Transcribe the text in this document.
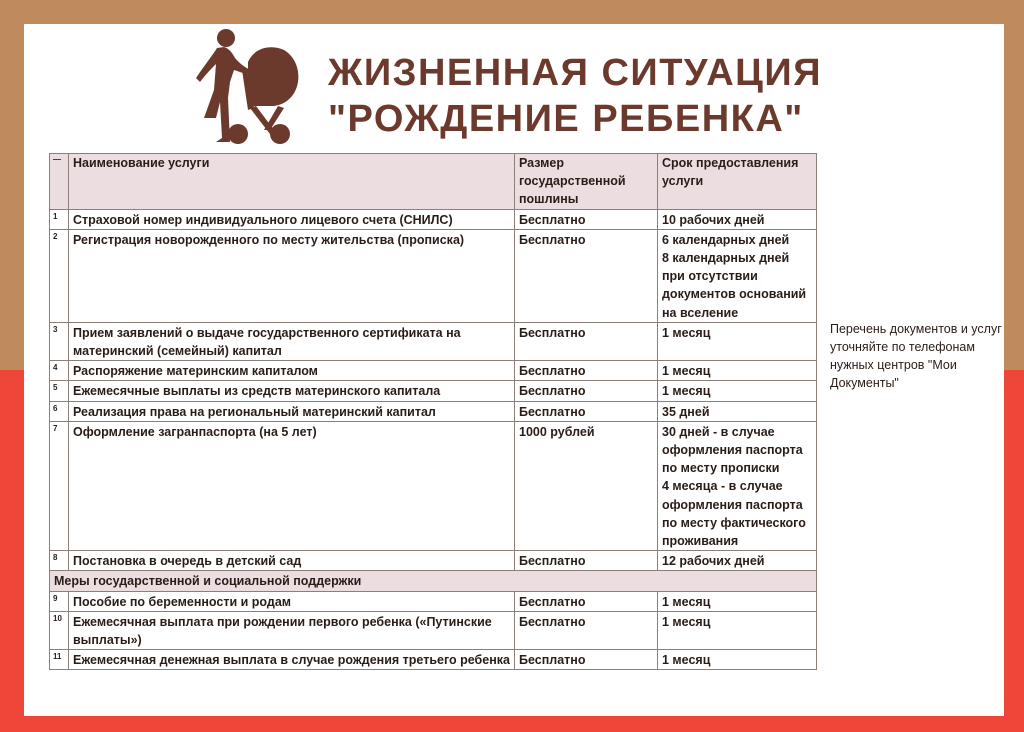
ЖИЗНЕННАЯ СИТУАЦИЯ
"РОЖДЕНИЕ РЕБЕНКА"
—	Наименование услуги	Размер государственной пошлины	Срок предоставления услуги
1	Страховой номер индивидуального лицевого счета (СНИЛС)	Бесплатно	10 рабочих дней
2	Регистрация новорожденного по месту жительства (прописка)	Бесплатно	6 календарных дней
8 календарных дней при отсутствии документов оснований на вселение
3	Прием заявлений о выдаче государственного сертификата на материнский (семейный) капитал	Бесплатно	1 месяц
4	Распоряжение материнским капиталом	Бесплатно	1 месяц
5	Ежемесячные выплаты из средств материнского капитала	Бесплатно	1 месяц
6	Реализация права на региональный материнский капитал	Бесплатно	35 дней
7	Оформление загранпаспорта (на 5 лет)	1000 рублей	30 дней - в случае оформления паспорта по месту прописки
4 месяца - в случае оформления паспорта по месту фактического проживания
8	Постановка в очередь в детский сад	Бесплатно	12 рабочих дней
Меры государственной и социальной поддержки			
9	Пособие по беременности и родам	Бесплатно	1 месяц
10	Ежемесячная выплата при рождении первого ребенка («Путинские выплаты»)	Бесплатно	1 месяц
11	Ежемесячная денежная выплата в случае рождения третьего ребенка	Бесплатно	1 месяц
Перечень документов и услуг уточняйте по телефонам нужных центров "Мои Документы"
